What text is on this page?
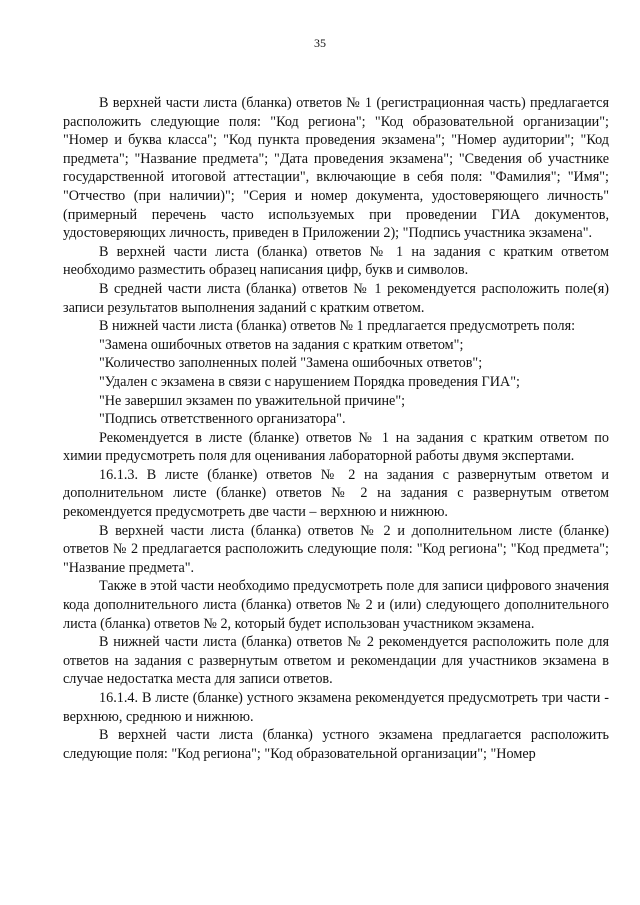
35

В верхней части листа (бланка) ответов № 1 (регистрационная часть) предлагается расположить следующие поля: "Код региона"; "Код образовательной организации"; "Номер и буква класса"; "Код пункта проведения экзамена"; "Номер аудитории"; "Код предмета"; "Название предмета"; "Дата проведения экзамена"; "Сведения об участнике государственной итоговой аттестации", включающие в себя поля: "Фамилия"; "Имя"; "Отчество (при наличии)"; "Серия и номер документа, удостоверяющего личность" (примерный перечень часто используемых при проведении ГИА документов, удостоверяющих личность, приведен в Приложении 2); "Подпись участника экзамена".

В верхней части листа (бланка) ответов № 1 на задания с кратким ответом необходимо разместить образец написания цифр, букв и символов.

В средней части листа (бланка) ответов № 1 рекомендуется расположить поле(я) записи результатов выполнения заданий с кратким ответом.

В нижней части листа (бланка) ответов № 1 предлагается предусмотреть поля:

"Замена ошибочных ответов на задания с кратким ответом";

"Количество заполненных полей "Замена ошибочных ответов";

"Удален с экзамена в связи с нарушением Порядка проведения ГИА";

"Не завершил экзамен по уважительной причине";

"Подпись ответственного организатора".

Рекомендуется в листе (бланке) ответов № 1 на задания с кратким ответом по химии предусмотреть поля для оценивания лабораторной работы двумя экспертами.

16.1.3. В листе (бланке) ответов № 2 на задания с развернутым ответом и дополнительном листе (бланке) ответов № 2 на задания с развернутым ответом рекомендуется предусмотреть две части – верхнюю и нижнюю.

В верхней части листа (бланка) ответов № 2 и дополнительном листе (бланке) ответов № 2 предлагается расположить следующие поля: "Код региона"; "Код предмета"; "Название предмета".

Также в этой части необходимо предусмотреть поле для записи цифрового значения кода дополнительного листа (бланка) ответов № 2 и (или) следующего дополнительного листа (бланка) ответов № 2, который будет использован участником экзамена.

В нижней части листа (бланка) ответов № 2 рекомендуется расположить поле для ответов на задания с развернутым ответом и рекомендации для участников экзамена в случае недостатка места для записи ответов.

16.1.4. В листе (бланке) устного экзамена рекомендуется предусмотреть три части - верхнюю, среднюю и нижнюю.

В верхней части листа (бланка) устного экзамена предлагается расположить следующие поля: "Код региона"; "Код образовательной организации"; "Номер
